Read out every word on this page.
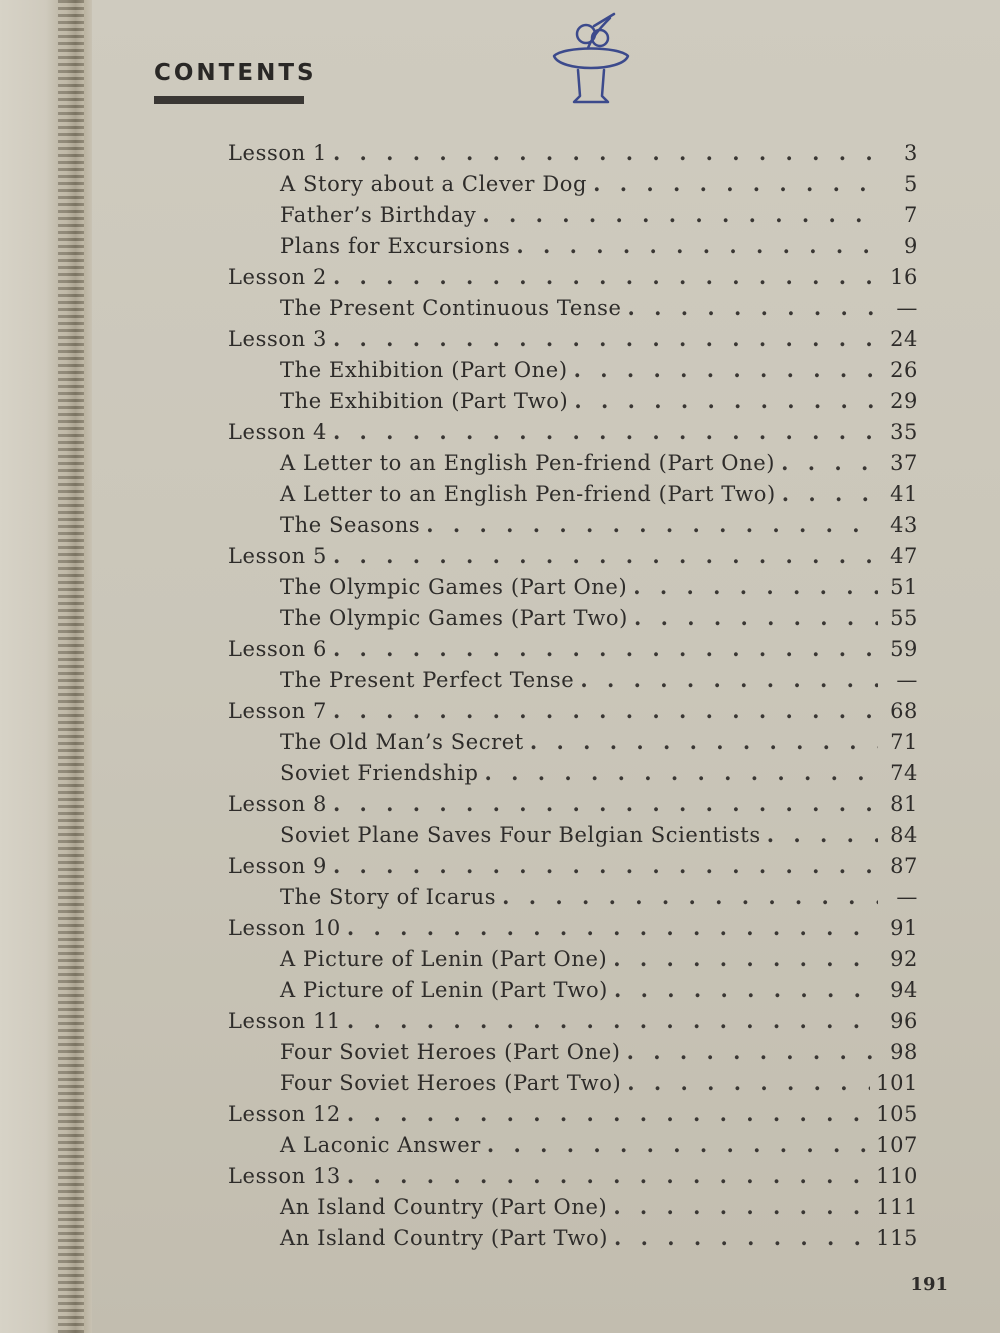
CONTENTS
Lesson 1 . . .	3
A Story about a Clever Dog . . .	5
Father’s Birthday . . .	7
Plans for Excursions . . .	9
Lesson 2 . . .	16
The Present Continuous Tense . . .	—
Lesson 3 . . .	24
The Exhibition (Part One) . . .	26
The Exhibition (Part Two) . . .	29
Lesson 4 . . .	35
A Letter to an English Pen-friend (Part One) . . .	37
A Letter to an English Pen-friend (Part Two) . . .	41
The Seasons . . .	43
Lesson 5 . . .	47
The Olympic Games (Part One) . . .	51
The Olympic Games (Part Two) . . .	55
Lesson 6 . . .	59
The Present Perfect Tense . . .	—
Lesson 7 . . .	68
The Old Man’s Secret . . .	71
Soviet Friendship . . .	74
Lesson 8 . . .	81
Soviet Plane Saves Four Belgian Scientists . . .	84
Lesson 9 . . .	87
The Story of Icarus . . .	—
Lesson 10 . . .	91
A Picture of Lenin (Part One) . . .	92
A Picture of Lenin (Part Two) . . .	94
Lesson 11 . . .	96
Four Soviet Heroes (Part One) . . .	98
Four Soviet Heroes (Part Two) . . .	101
Lesson 12 . . .	105
A Laconic Answer . . .	107
Lesson 13 . . .	110
An Island Country (Part One) . . .	111
An Island Country (Part Two) . . .	115
191
